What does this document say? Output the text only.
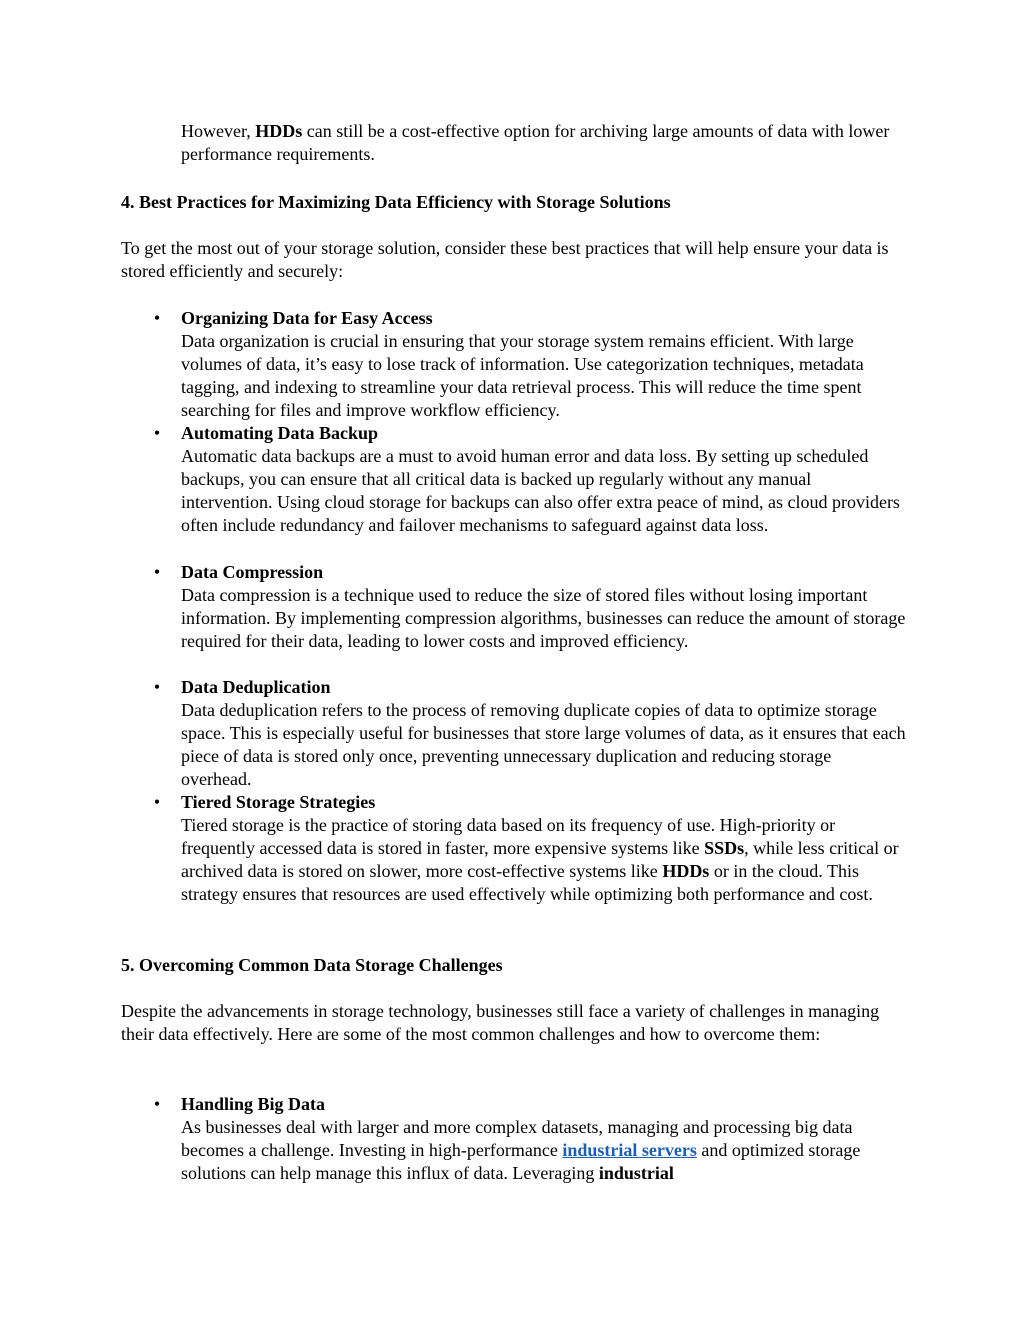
However, HDDs can still be a cost-effective option for archiving large amounts of data with lower performance requirements.

4. Best Practices for Maximizing Data Efficiency with Storage Solutions

To get the most out of your storage solution, consider these best practices that will help ensure your data is stored efficiently and securely:

• Organizing Data for Easy Access
Data organization is crucial in ensuring that your storage system remains efficient. With large volumes of data, it’s easy to lose track of information. Use categorization techniques, metadata tagging, and indexing to streamline your data retrieval process. This will reduce the time spent searching for files and improve workflow efficiency.
• Automating Data Backup
Automatic data backups are a must to avoid human error and data loss. By setting up scheduled backups, you can ensure that all critical data is backed up regularly without any manual intervention. Using cloud storage for backups can also offer extra peace of mind, as cloud providers often include redundancy and failover mechanisms to safeguard against data loss.
• Data Compression
Data compression is a technique used to reduce the size of stored files without losing important information. By implementing compression algorithms, businesses can reduce the amount of storage required for their data, leading to lower costs and improved efficiency.
• Data Deduplication
Data deduplication refers to the process of removing duplicate copies of data to optimize storage space. This is especially useful for businesses that store large volumes of data, as it ensures that each piece of data is stored only once, preventing unnecessary duplication and reducing storage overhead.
• Tiered Storage Strategies
Tiered storage is the practice of storing data based on its frequency of use. High-priority or frequently accessed data is stored in faster, more expensive systems like SSDs, while less critical or archived data is stored on slower, more cost-effective systems like HDDs or in the cloud. This strategy ensures that resources are used effectively while optimizing both performance and cost.

5. Overcoming Common Data Storage Challenges

Despite the advancements in storage technology, businesses still face a variety of challenges in managing their data effectively. Here are some of the most common challenges and how to overcome them:

• Handling Big Data
As businesses deal with larger and more complex datasets, managing and processing big data becomes a challenge. Investing in high-performance industrial servers and optimized storage solutions can help manage this influx of data. Leveraging industrial
